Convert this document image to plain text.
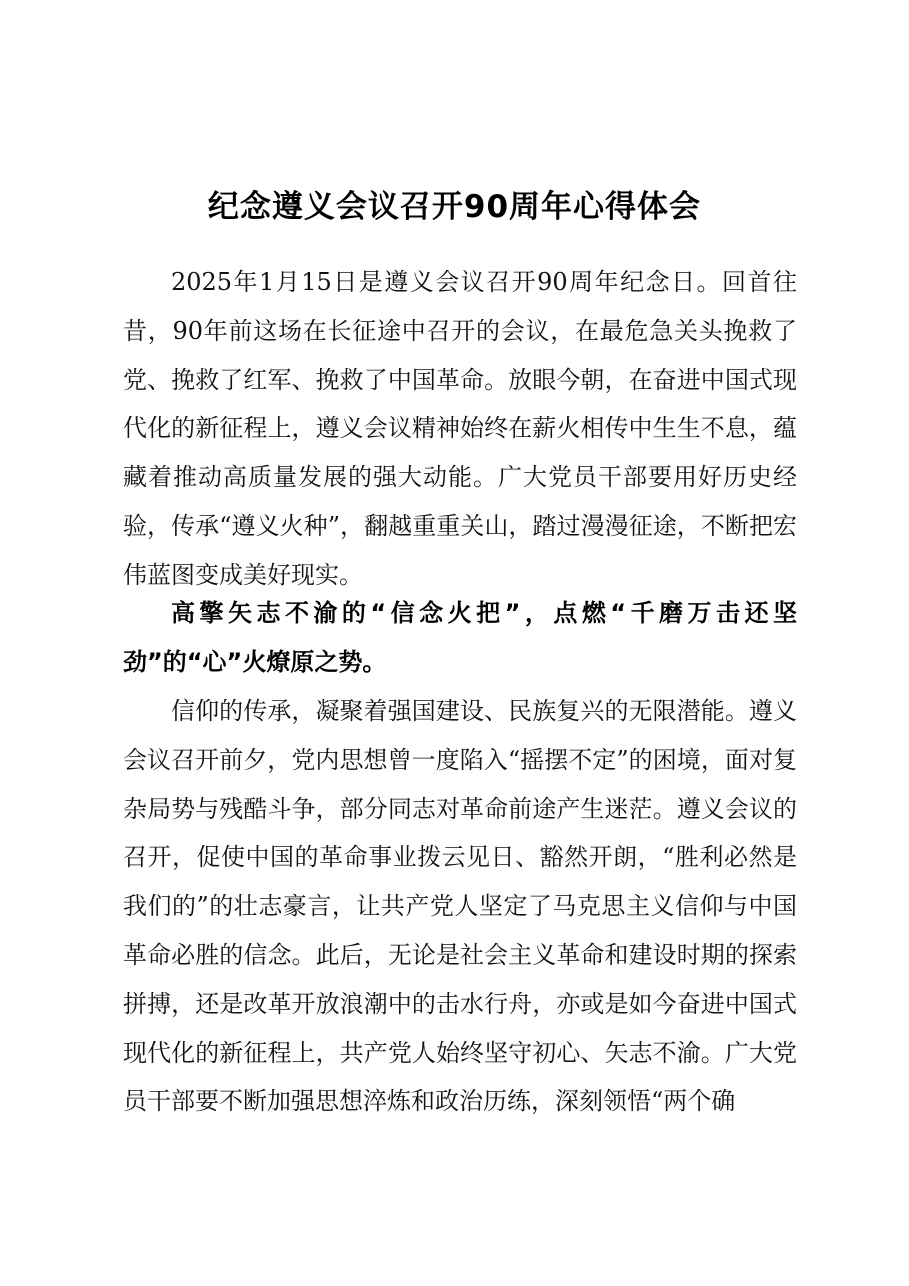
纪念遵义会议召开90周年心得体会

2025年1月15日是遵义会议召开90周年纪念日。回首往昔，90年前这场在长征途中召开的会议，在最危急关头挽救了党、挽救了红军、挽救了中国革命。放眼今朝，在奋进中国式现代化的新征程上，遵义会议精神始终在薪火相传中生生不息，蕴藏着推动高质量发展的强大动能。广大党员干部要用好历史经验，传承“遵义火种”，翻越重重关山，踏过漫漫征途，不断把宏伟蓝图变成美好现实。

高擎矢志不渝的“信念火把”，点燃“千磨万击还坚劲”的“心”火燎原之势。

信仰的传承，凝聚着强国建设、民族复兴的无限潜能。遵义会议召开前夕，党内思想曾一度陷入“摇摆不定”的困境，面对复杂局势与残酷斗争，部分同志对革命前途产生迷茫。遵义会议的召开，促使中国的革命事业拨云见日、豁然开朗，“胜利必然是我们的”的壮志豪言，让共产党人坚定了马克思主义信仰与中国革命必胜的信念。此后，无论是社会主义革命和建设时期的探索拼搏，还是改革开放浪潮中的击水行舟，亦或是如今奋进中国式现代化的新征程上，共产党人始终坚守初心、矢志不渝。广大党员干部要不断加强思想淬炼和政治历练，深刻领悟“两个确
